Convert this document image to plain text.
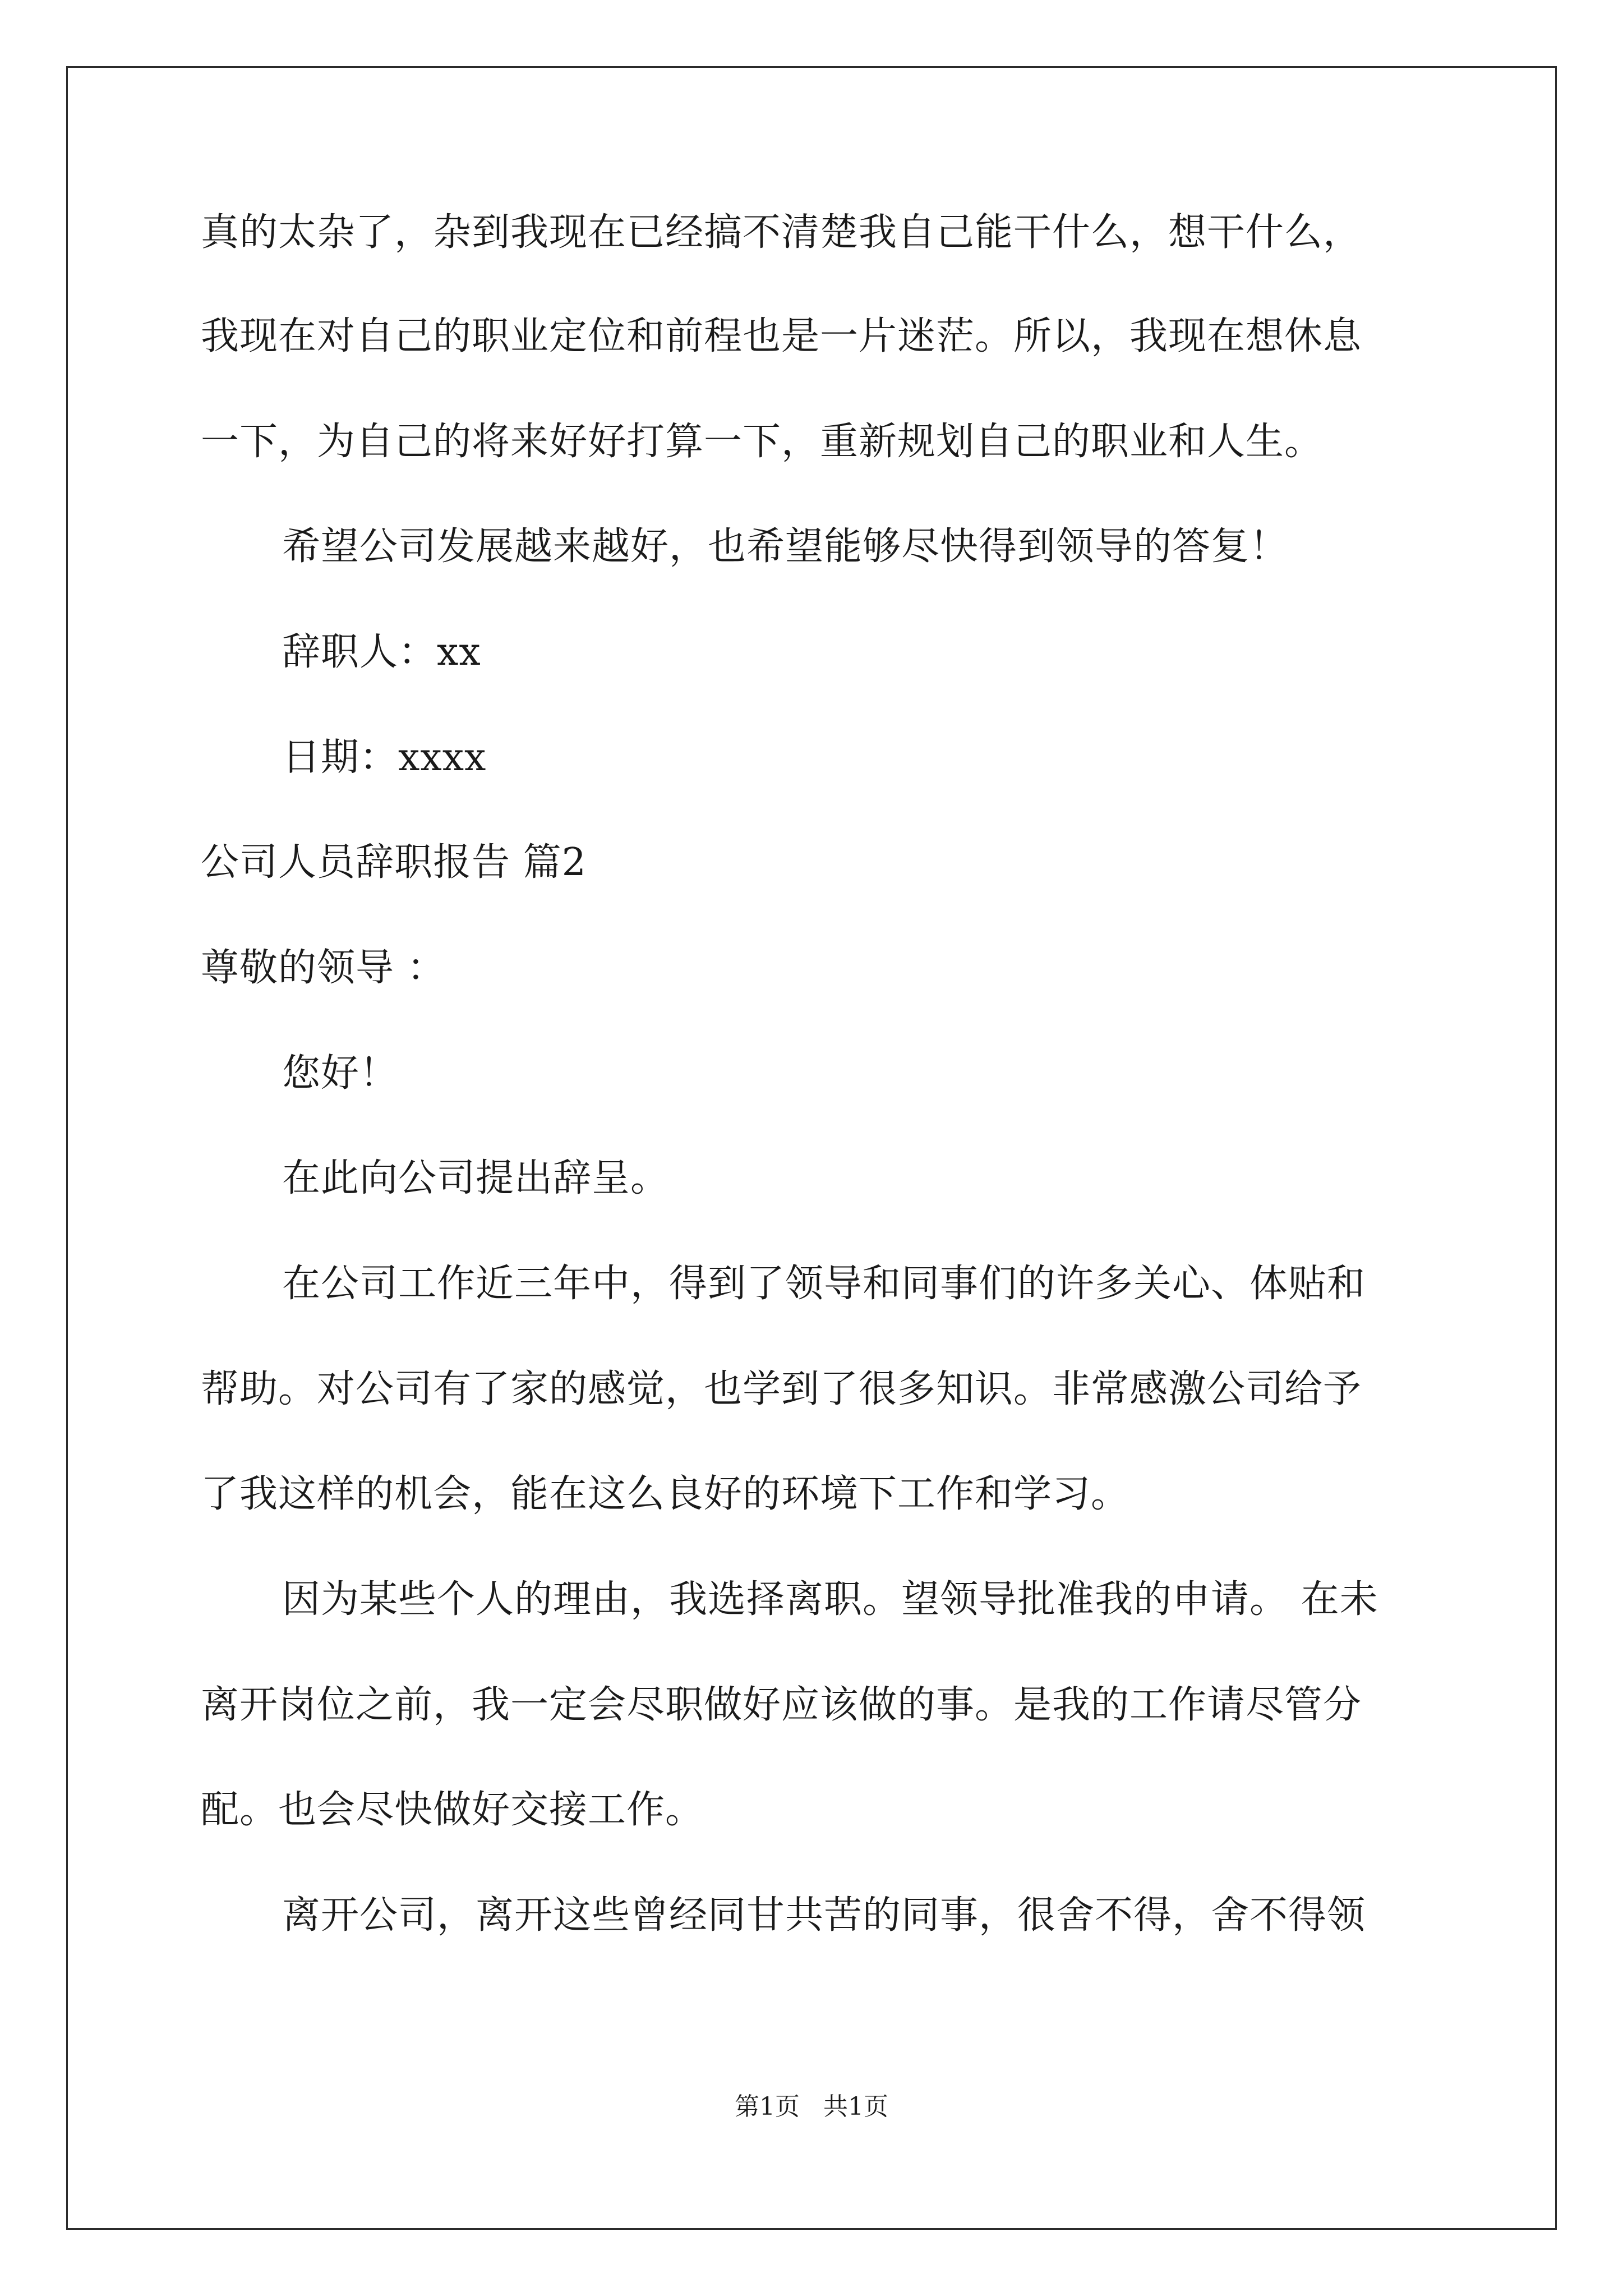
真的太杂了，杂到我现在已经搞不清楚我自己能干什么，想干什么，

我现在对自己的职业定位和前程也是一片迷茫。所以，我现在想休息

一下，为自己的将来好好打算一下，重新规划自己的职业和人生。

希望公司发展越来越好，也希望能够尽快得到领导的答复！

辞职人：xx

日期：xxxx

公司人员辞职报告 篇2

尊敬的领导 ：

您好！

在此向公司提出辞呈。

在公司工作近三年中，得到了领导和同事们的许多关心、体贴和

帮助。对公司有了家的感觉，也学到了很多知识。非常感激公司给予

了我这样的机会，能在这么良好的环境下工作和学习。

因为某些个人的理由，我选择离职。望领导批准我的申请。 在未

离开岗位之前，我一定会尽职做好应该做的事。是我的工作请尽管分

配。也会尽快做好交接工作。

离开公司，离开这些曾经同甘共苦的同事，很舍不得，舍不得领

第1页   共1页
